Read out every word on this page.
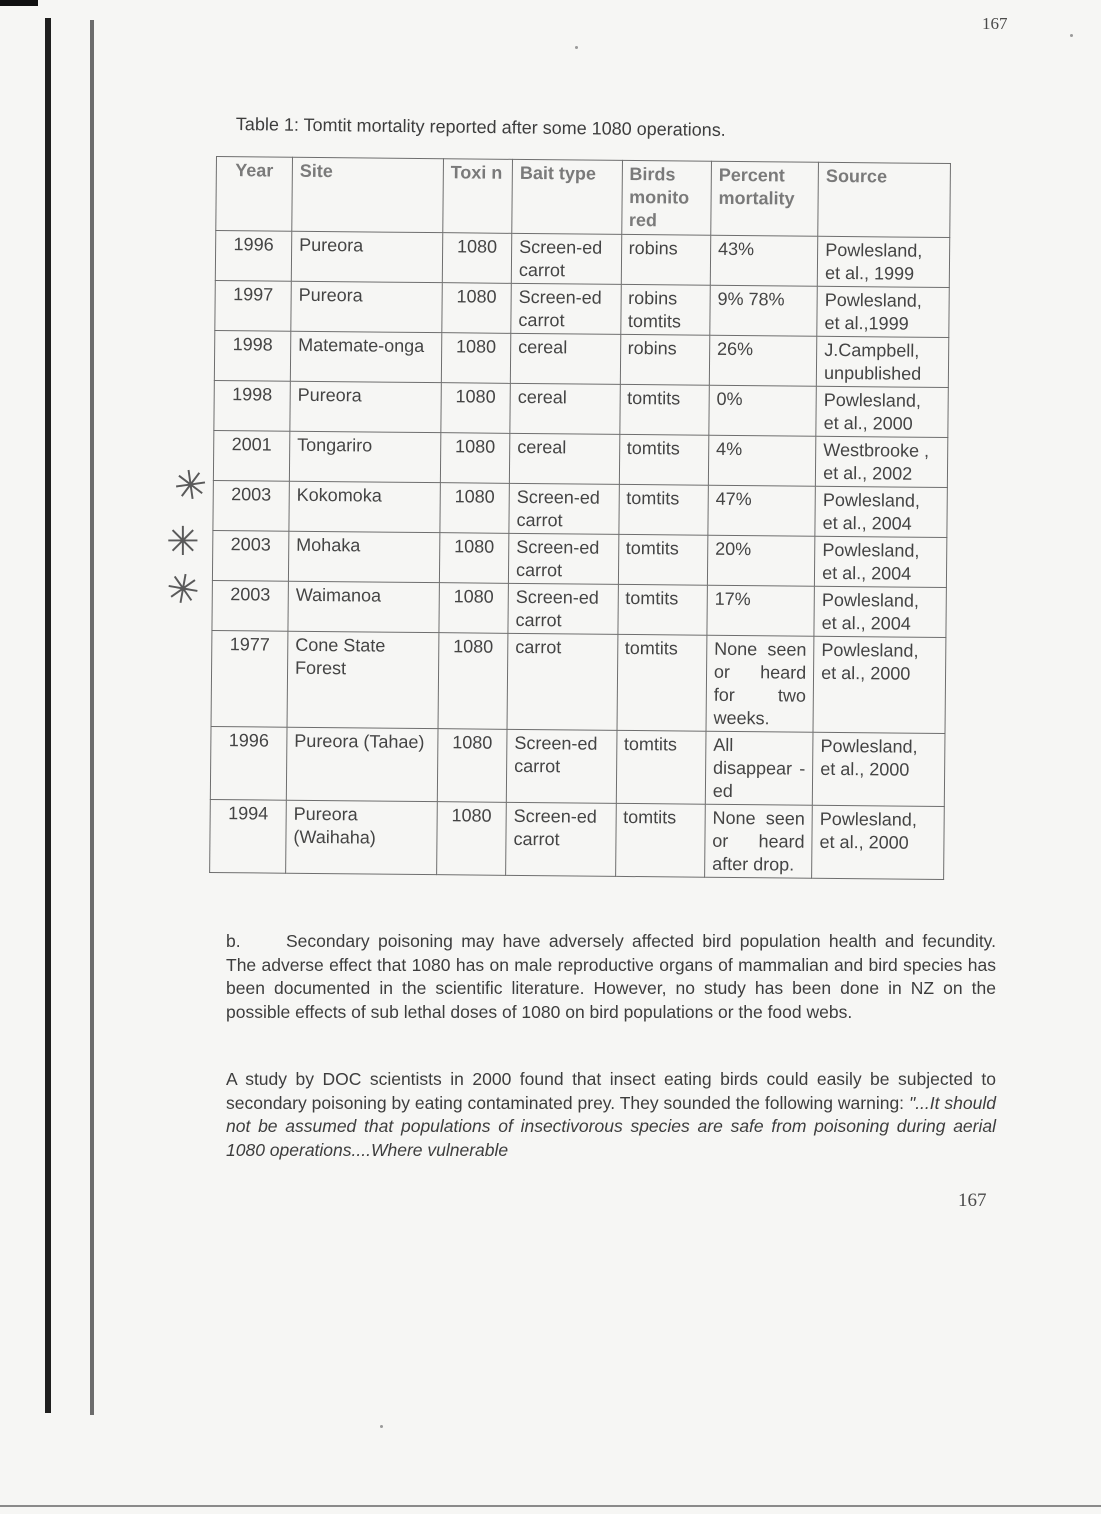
167
Table 1: Tomtit mortality reported after some 1080 operations.
Year	Site	Toxi n	Bait type	Birds monito red	Percent mortality	Source
1996	Pureora	1080	Screen-ed carrot	robins	43%	Powlesland, et al., 1999
1997	Pureora	1080	Screen-ed carrot	robins tomtits	9% 78%	Powlesland, et al.,1999
1998	Matemate-onga	1080	cereal	robins	26%	J.Campbell, unpublished
1998	Pureora	1080	cereal	tomtits	0%	Powlesland, et al., 2000
2001	Tongariro	1080	cereal	tomtits	4%	Westbrooke , et al., 2002
2003	Kokomoka	1080	Screen-ed carrot	tomtits	47%	Powlesland, et al., 2004
2003	Mohaka	1080	Screen-ed carrot	tomtits	20%	Powlesland, et al., 2004
2003	Waimanoa	1080	Screen-ed carrot	tomtits	17%	Powlesland, et al., 2004
1977	Cone State Forest	1080	carrot	tomtits	None seen or heard for two weeks.	Powlesland, et al., 2000
1996	Pureora (Tahae)	1080	Screen-ed carrot	tomtits	All disappear -ed	Powlesland, et al., 2000
1994	Pureora (Waihaha)	1080	Screen-ed carrot	tomtits	None seen or heard after drop.	Powlesland, et al., 2000
✳
✳
✳
b.	Secondary poisoning may have adversely affected bird population health and fecundity. The adverse effect that 1080 has on male reproductive organs of mammalian and bird species has been documented in the scientific literature. However, no study has been done in NZ on the possible effects of sub lethal doses of 1080 on bird populations or the food webs.
A study by DOC scientists in 2000 found that insect eating birds could easily be subjected to secondary poisoning by eating contaminated prey. They sounded the following warning: "...It should not be assumed that populations of insectivorous species are safe from poisoning during aerial 1080 operations....Where vulnerable
167
